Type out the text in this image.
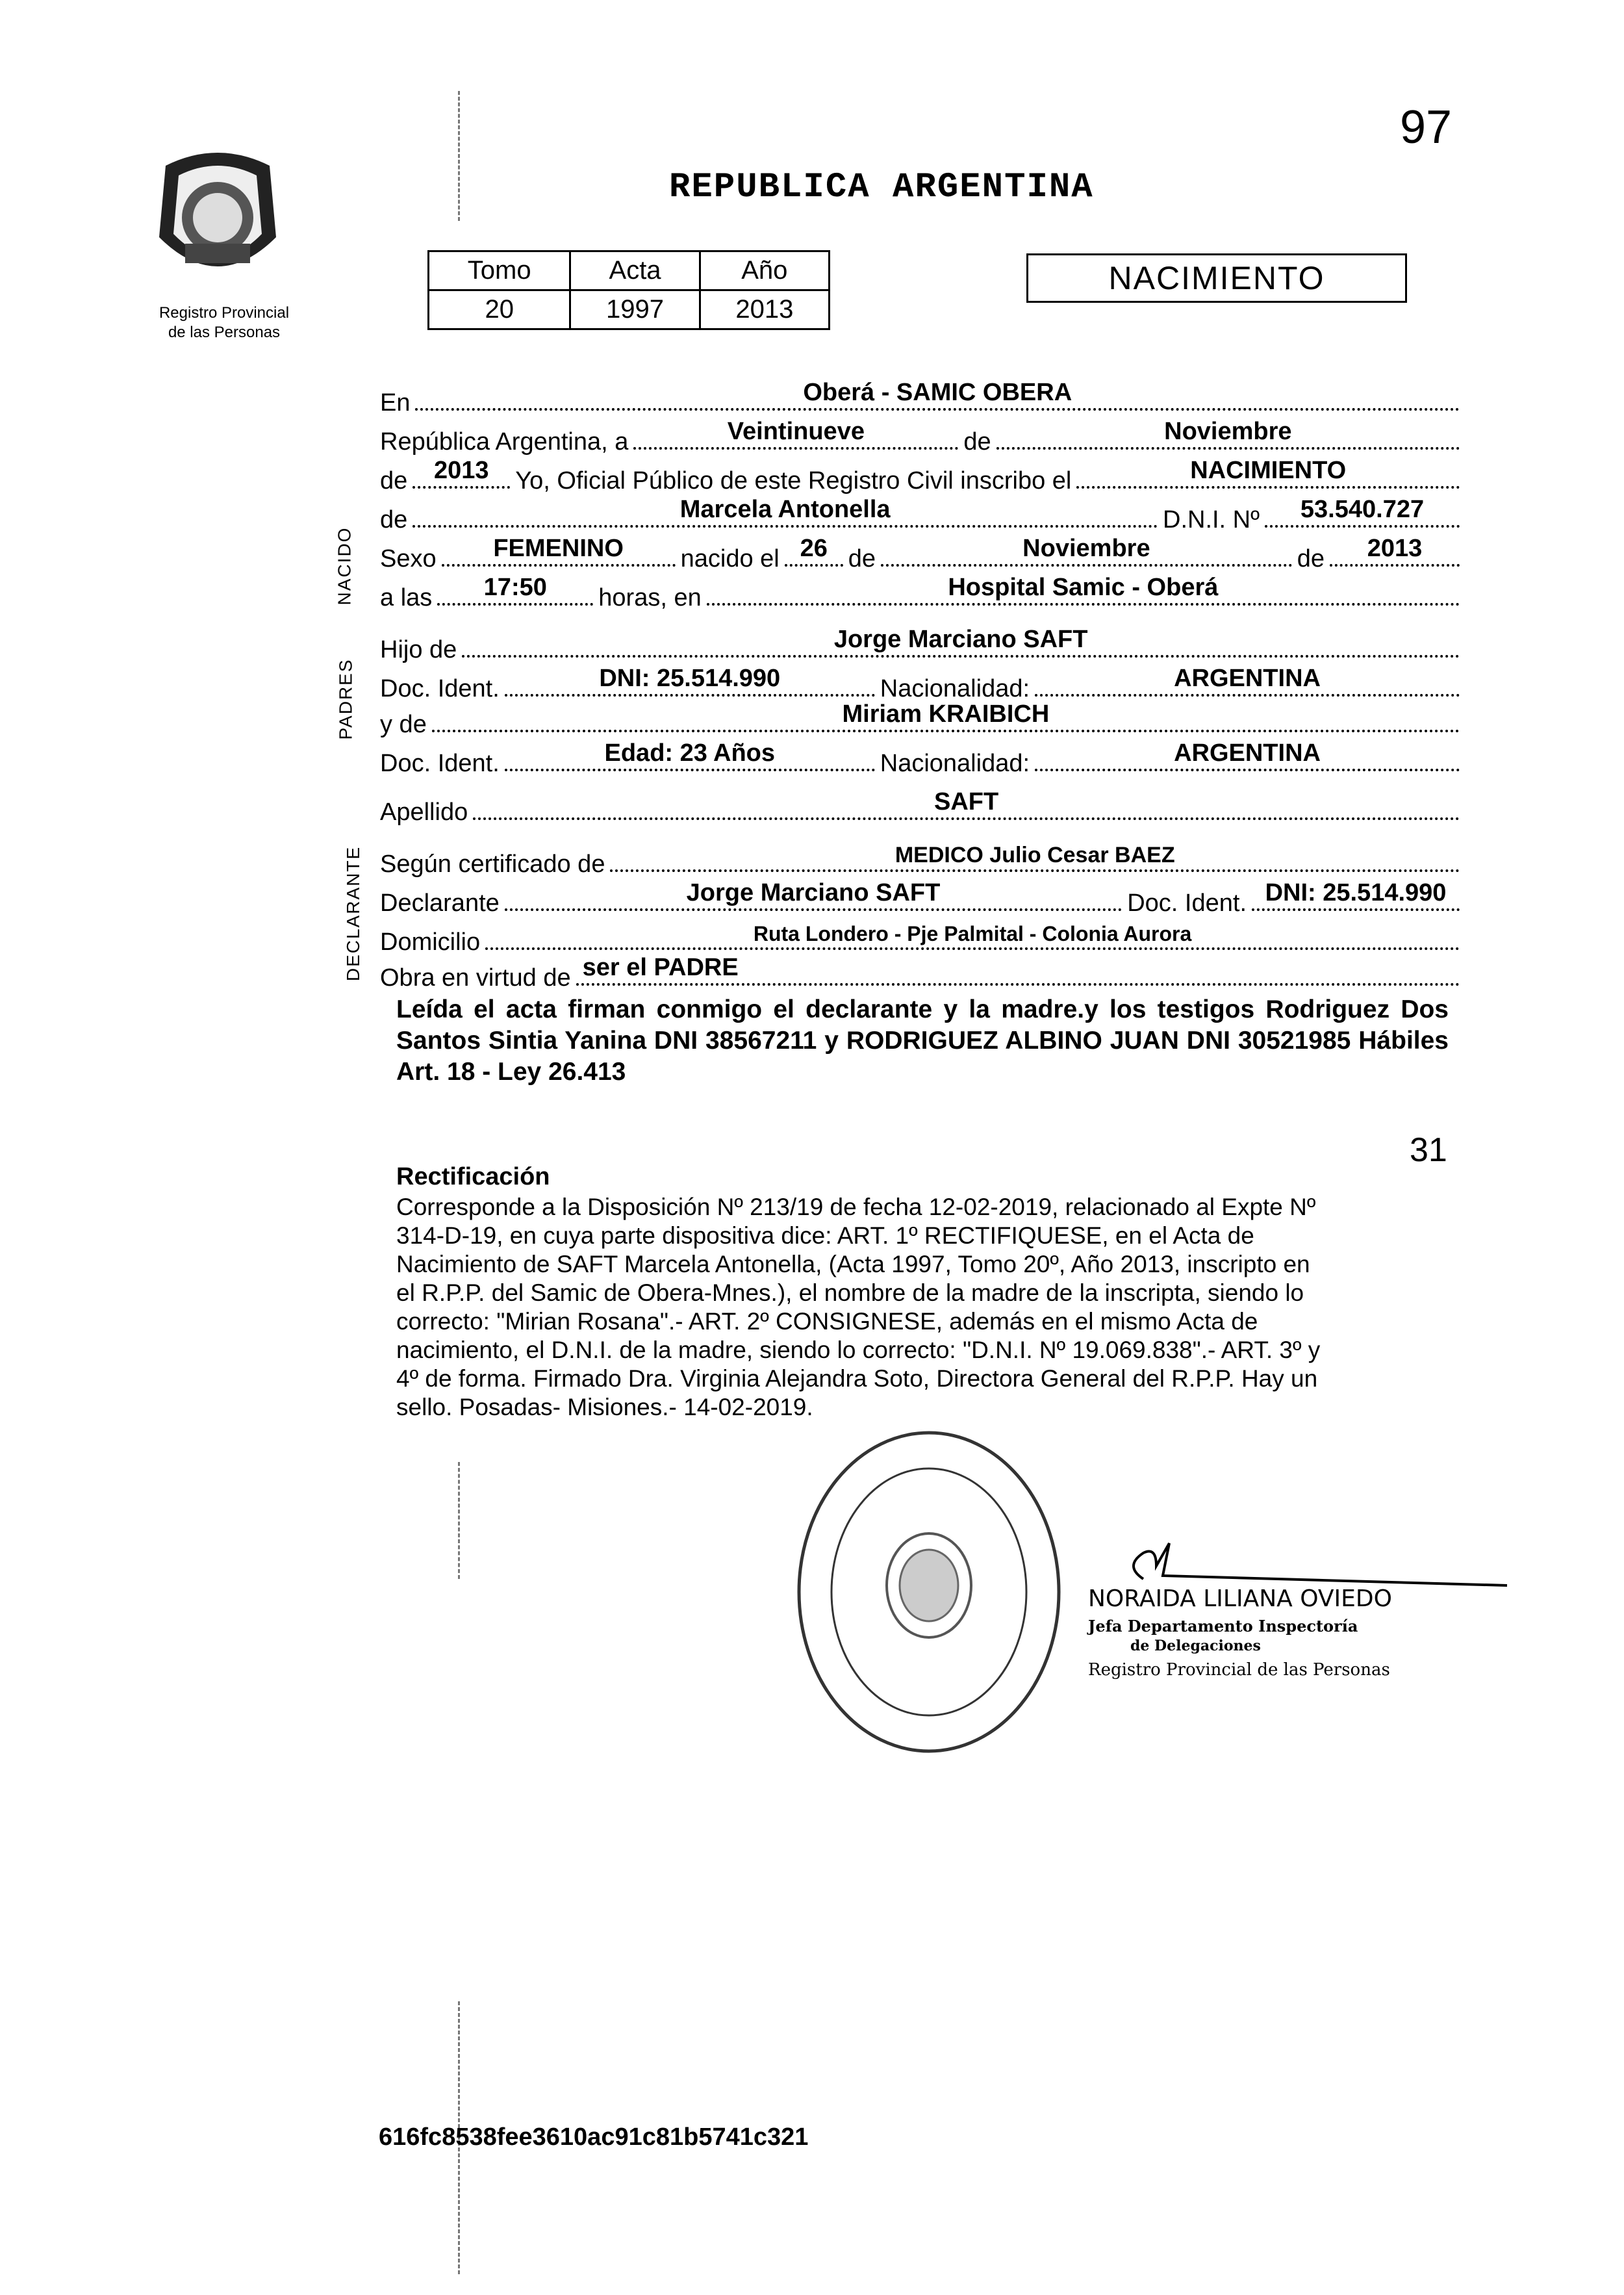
97
Registro Provincial
de las Personas
REPUBLICA ARGENTINA
Tomo	Acta	Año
20	1997	2013
NACIMIENTO
NACIDO
PADRES
DECLARANTE
En	Oberá - SAMIC OBERA
República Argentina, a	Veintinueve	de	Noviembre
de	2013	Yo, Oficial Público de este Registro Civil inscribo el	NACIMIENTO
de	Marcela Antonella	D.N.I. Nº	53.540.727
Sexo	FEMENINO	nacido el 26 de	Noviembre	de	2013
a las	17:50	horas, en	Hospital Samic - Oberá
Hijo de	Jorge Marciano SAFT
Doc. Ident.	DNI: 25.514.990	Nacionalidad:	ARGENTINA
y de	Miriam KRAIBICH
Doc. Ident.	Edad: 23 Años	Nacionalidad:	ARGENTINA
Apellido	SAFT
Según certificado de	MEDICO Julio Cesar BAEZ
Declarante	Jorge Marciano SAFT	Doc. Ident. DNI: 25.514.990
Domicilio	Ruta Londero - Pje Palmital - Colonia Aurora
Obra en virtud de ser el PADRE
Leída el acta firman conmigo el declarante y la madre.y los testigos Rodriguez Dos Santos Sintia Yanina DNI 38567211 y RODRIGUEZ ALBINO JUAN DNI 30521985 Hábiles Art. 18 - Ley 26.413
31
Rectificación
Corresponde a la Disposición Nº 213/19 de fecha 12-02-2019, relacionado al Expte Nº
314-D-19, en cuya parte dispositiva dice: ART. 1º RECTIFIQUESE, en el Acta de
Nacimiento de SAFT Marcela Antonella, (Acta 1997, Tomo 20º, Año 2013, inscripto en
el R.P.P. del Samic de Obera-Mnes.), el nombre de la madre de la inscripta, siendo lo
correcto: "Mirian Rosana".- ART. 2º CONSIGNESE, además en el mismo Acta de
nacimiento, el D.N.I. de la madre, siendo lo correcto: "D.N.I. Nº 19.069.838".- ART. 3º y
4º de forma. Firmado Dra. Virginia Alejandra Soto, Directora General del R.P.P. Hay un
sello. Posadas- Misiones.- 14-02-2019.
NORAIDA LILIANA OVIEDO
Jefa Departamento Inspectoría
de Delegaciones
Registro Provincial de las Personas
616fc8538fee3610ac91c81b5741c321
